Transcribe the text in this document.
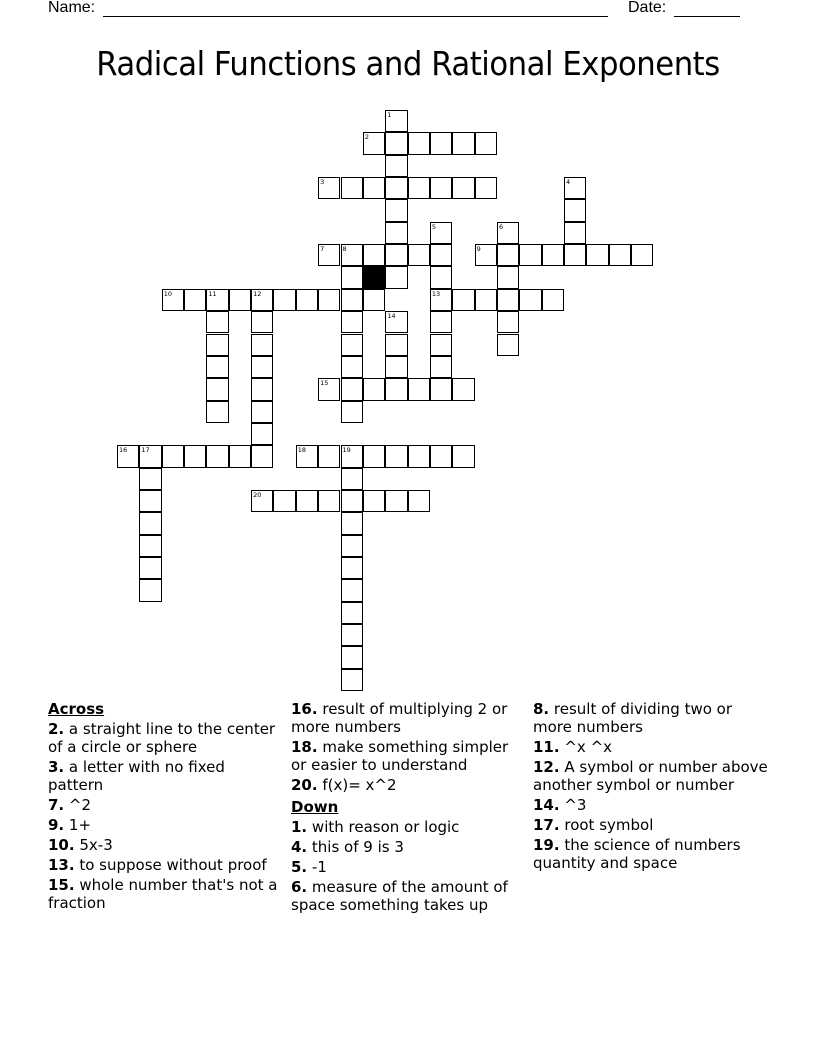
Name:	Date:
Radical Functions and Rational Exponents
1
2
3	4
5
13
6
7	8	9
10	11	12
14
15
16 17	18	19
20
Across
2. a straight line to the center of a circle or sphere
3. a letter with no fixed pattern
7. ^2
9. 1+
10. 5x-3
13. to suppose without proof
15. whole number that's not a fraction
16. result of multiplying 2 or more numbers
18. make something simpler or easier to understand
20. f(x)= x^2
Down
1. with reason or logic
4. this of 9 is 3
5. -1
6. measure of the amount of space something takes up
8. result of dividing two or more numbers
11. ^x ^x
12. A symbol or number above another symbol or number
14. ^3
17. root symbol
19. the science of numbers quantity and space
